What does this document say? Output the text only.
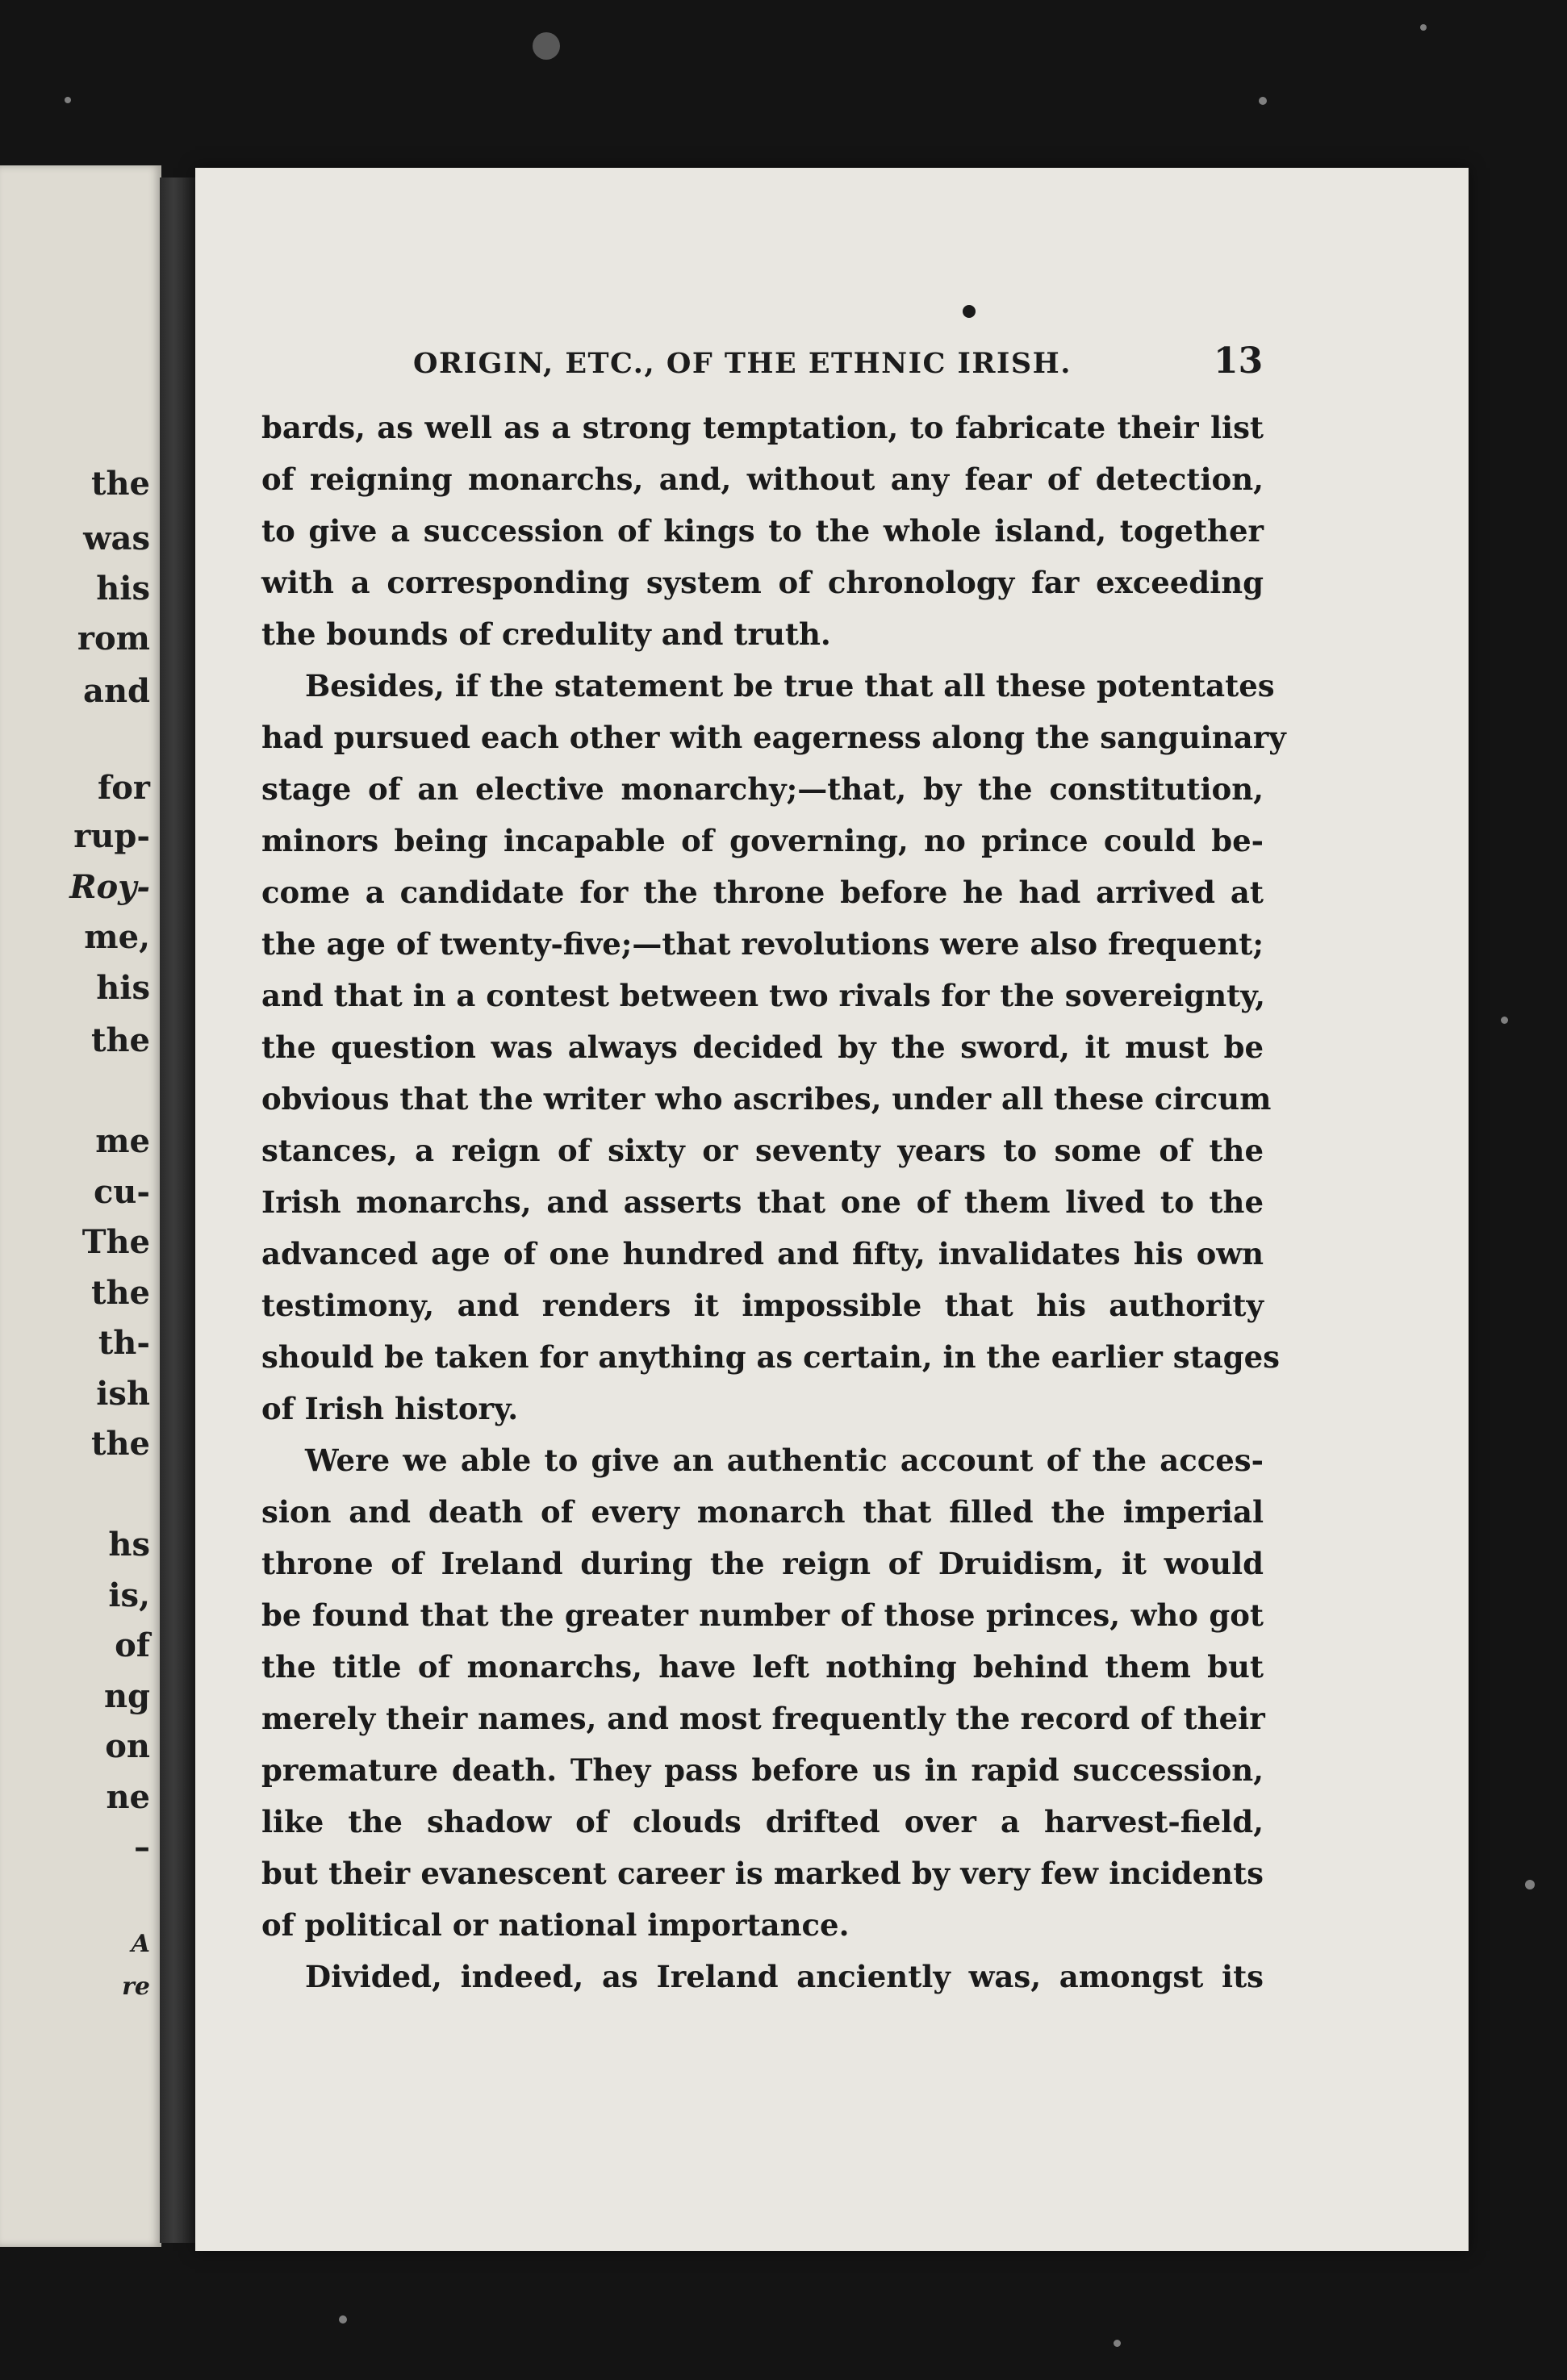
the
was
his
rom
and
for
rup-
Roy-
me,
his
the
me
cu-
The
the
th-
ish
the
hs
is,
of
ng
on
ne
–
A
re
ORIGIN, ETC., OF THE ETHNIC IRISH.	13
bards, as well as a strong temptation, to fabricate their list
of reigning monarchs, and, without any fear of detection,
to give a succession of kings to the whole island, together
with a corresponding system of chronology far exceeding
the bounds of credulity and truth.
Besides, if the statement be true that all these potentates
had pursued each other with eagerness along the sanguinary
stage of an elective monarchy;—that, by the constitution,
minors being incapable of governing, no prince could be-
come a candidate for the throne before he had arrived at
the age of twenty-five;—that revolutions were also frequent;
and that in a contest between two rivals for the sovereignty,
the question was always decided by the sword, it must be
obvious that the writer who ascribes, under all these circum
stances, a reign of sixty or seventy years to some of the
Irish monarchs, and asserts that one of them lived to the
advanced age of one hundred and fifty, invalidates his own
testimony, and renders it impossible that his authority
should be taken for anything as certain, in the earlier stages
of Irish history.
Were we able to give an authentic account of the acces-
sion and death of every monarch that filled the imperial
throne of Ireland during the reign of Druidism, it would
be found that the greater number of those princes, who got
the title of monarchs, have left nothing behind them but
merely their names, and most frequently the record of their
premature death. They pass before us in rapid succession,
like the shadow of clouds drifted over a harvest-field,
but their evanescent career is marked by very few incidents
of political or national importance.
Divided, indeed, as Ireland anciently was, amongst its
